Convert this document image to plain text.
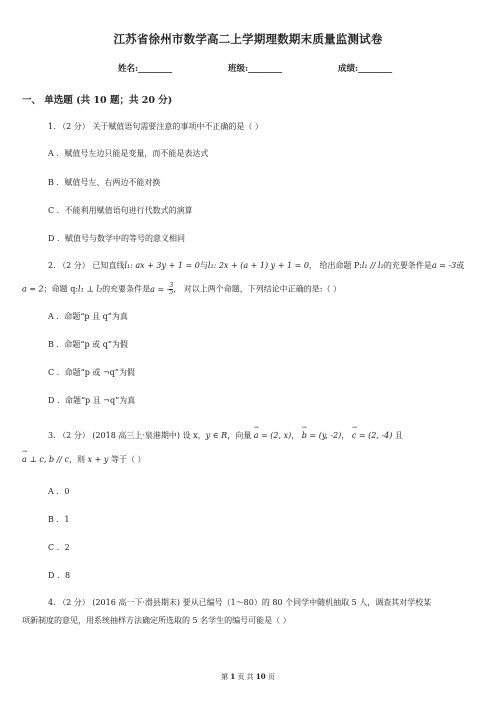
江苏省徐州市数学高二上学期理数期末质量监测试卷
姓名:________	班级:________	成绩:________
一、 单选题 (共 10 题；共 20 分)
1. （2 分） 关于赋值语句需要注意的事项中不正确的是（ ）
A ．赋值号左边只能是变量，而不能是表达式
B ．赋值号左、右两边不能对换
C ．不能利用赋值语句进行代数式的演算
D ．赋值号与数学中的等号的意义相同
2. （2 分） 已知直线l₁: ax + 3y + 1 = 0与l₂: 2x + (a + 1) y + 1 = 0， 给出命题 P:l₁ // l₂的充要条件是a = -3或
a = 2；命题 q:l₁ ⊥ l₂的充要条件是a = - $\frac{3}{5}$ ， 对以上两个命题，下列结论中正确的是:（ ）
A ．命题“p 且 q”为真
B ．命题“p 或 q”为假
C ．命题“p 或 ¬q”为假
D ．命题“p 且 ¬q”为真
3. （2 分） (2018 高三上·泉港期中) 设 x，y ∈ R，向量 → a = (2, x)， → b = (y, -2)， → c = (2, -4) 且
→ a ⊥ c, b // c，则 x + y 等于（ ）
A ．0
B ．1
C ．2
D ．8
4. （2 分） (2016 高一下·滑县期末) 要从已编号（1～80）的 80 个同学中随机抽取 5 人，调查其对学校某
项新制度的意见，用系统抽样方法确定所选取的 5 名学生的编号可能是（ ）
第 1 页 共 10 页
